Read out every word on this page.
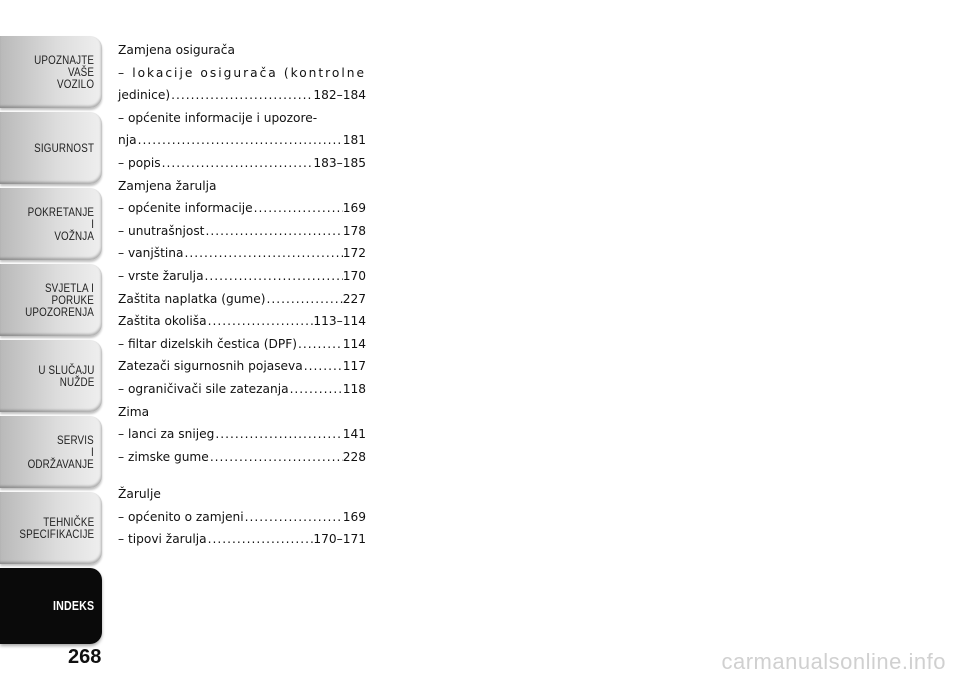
UPOZNAJTE
VAŠE
VOZILO
SIGURNOST
POKRETANJE
I
VOŽNJA
SVJETLA I
PORUKE
UPOZORENJA
U SLUČAJU
NUŽDE
SERVIS
I
ODRŽAVANJE
TEHNIČKE
SPECIFIKACIJE
INDEKS
268
Zamjena osigurača
– lokacije osigurača (kontrolne
jedinice) .....	182–184
– općenite informacije i upozore-
nja .....	181
– popis .....	183–185
Zamjena žarulja
– općenite informacije .....	169
– unutrašnjost .....	178
– vanjština .....	172
– vrste žarulja .....	170
Zaštita naplatka (gume) .....	227
Zaštita okoliša .....	113–114
– filtar dizelskih čestica (DPF) .....	114
Zatezači sigurnosnih pojaseva .....	117
– ograničivači sile zatezanja .....	118
Zima
– lanci za snijeg .....	141
– zimske gume .....	228
Žarulje
– općenito o zamjeni .....	169
– tipovi žarulja .....	170–171
carmanualsonline.info
